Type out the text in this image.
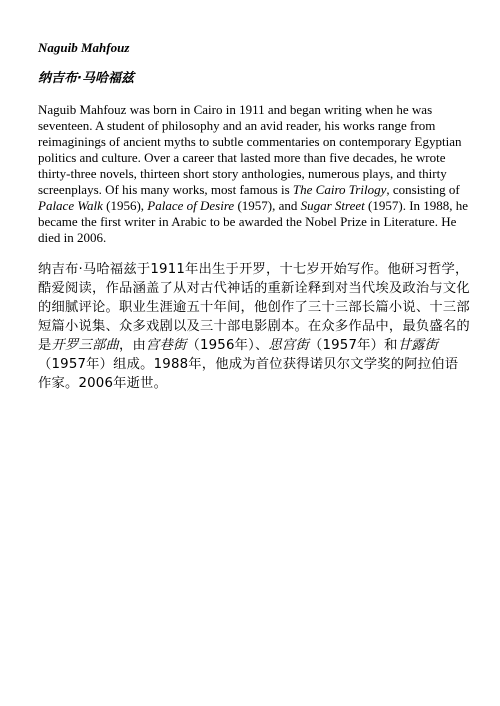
Naguib Mahfouz

纳吉布·马哈福兹

Naguib Mahfouz was born in Cairo in 1911 and began writing when he was seventeen. A student of philosophy and an avid reader, his works range from reimaginings of ancient myths to subtle commentaries on contemporary Egyptian politics and culture. Over a career that lasted more than five decades, he wrote thirty-three novels, thirteen short story anthologies, numerous plays, and thirty screenplays. Of his many works, most famous is The Cairo Trilogy, consisting of Palace Walk (1956), Palace of Desire (1957), and Sugar Street (1957). In 1988, he became the first writer in Arabic to be awarded the Nobel Prize in Literature. He died in 2006.

纳吉布·马哈福兹于1911年出生于开罗，十七岁开始写作。他研习哲学，酷爱阅读，作品涵盖了从对古代神话的重新诠释到对当代埃及政治与文化的细腻评论。职业生涯逾五十年间，他创作了三十三部长篇小说、十三部短篇小说集、众多戏剧以及三十部电影剧本。在众多作品中，最负盛名的是开罗三部曲，由宫巷街（1956年）、思宫街（1957年）和甘露街（1957年）组成。1988年，他成为首位获得诺贝尔文学奖的阿拉伯语作家。2006年逝世。
